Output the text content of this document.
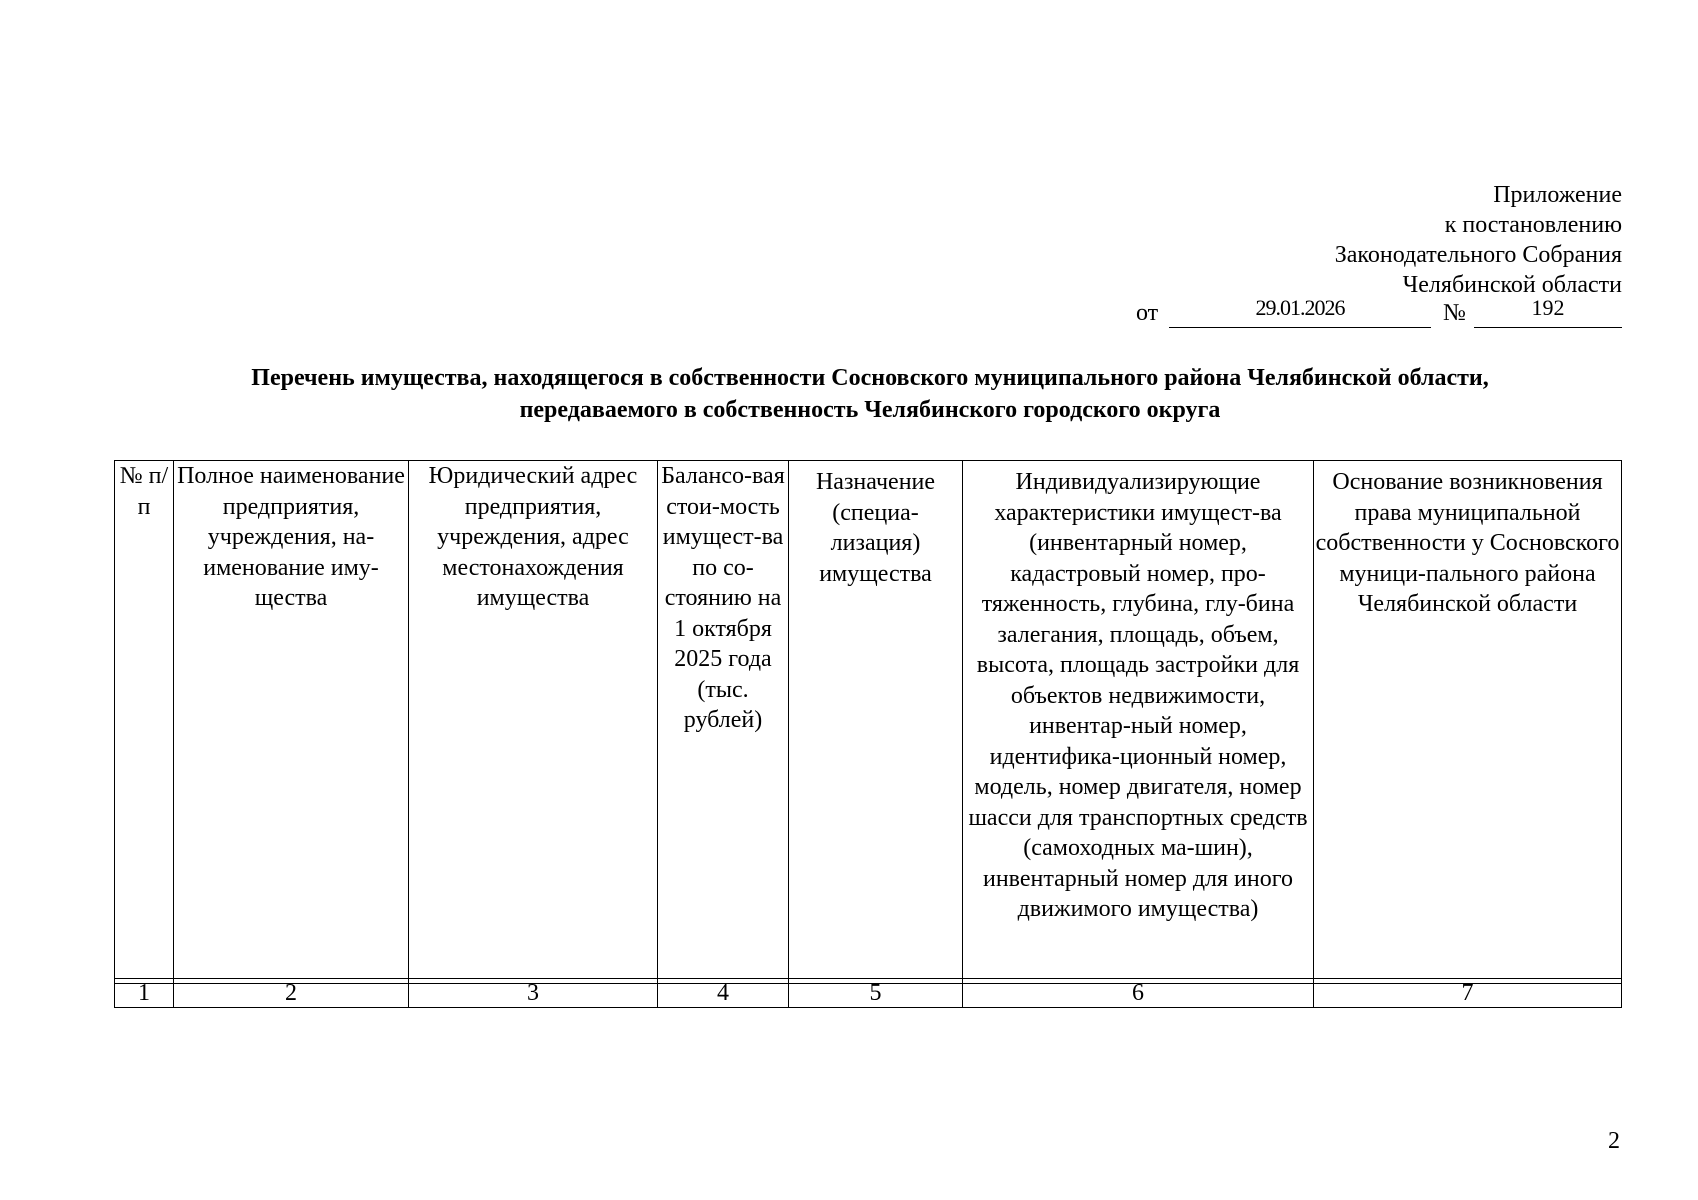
Приложение
к постановлению
Законодательного Собрания
Челябинской области
от	29.01.2026	№	192
Перечень имущества, находящегося в собственности Сосновского муниципального района Челябинской области,
передаваемого в собственность Челябинского городского округа
№ п/п	Полное наименование предприятия, учреждения, на-именование иму-щества	Юридический адрес предприятия, учреждения, адрес местонахождения имущества	Балансо-вая стои-мость имущест-ва по со-стоянию на 1 октября 2025 года (тыс. рублей)	Назначение (специа-лизация) имущества	Индивидуализирующие характеристики имущест-ва (инвентарный номер, кадастровый номер, про-тяженность, глубина, глу-бина залегания, площадь, объем, высота, площадь застройки для объектов недвижимости, инвентар-ный номер, идентифика-ционный номер, модель, номер двигателя, номер шасси для транспортных средств (самоходных ма-шин), инвентарный номер для иного движимого имущества)	Основание возникновения права муниципальной собственности у Сосновского муници-пального района Челябинской области
1	2	3	4	5	6	7
2
